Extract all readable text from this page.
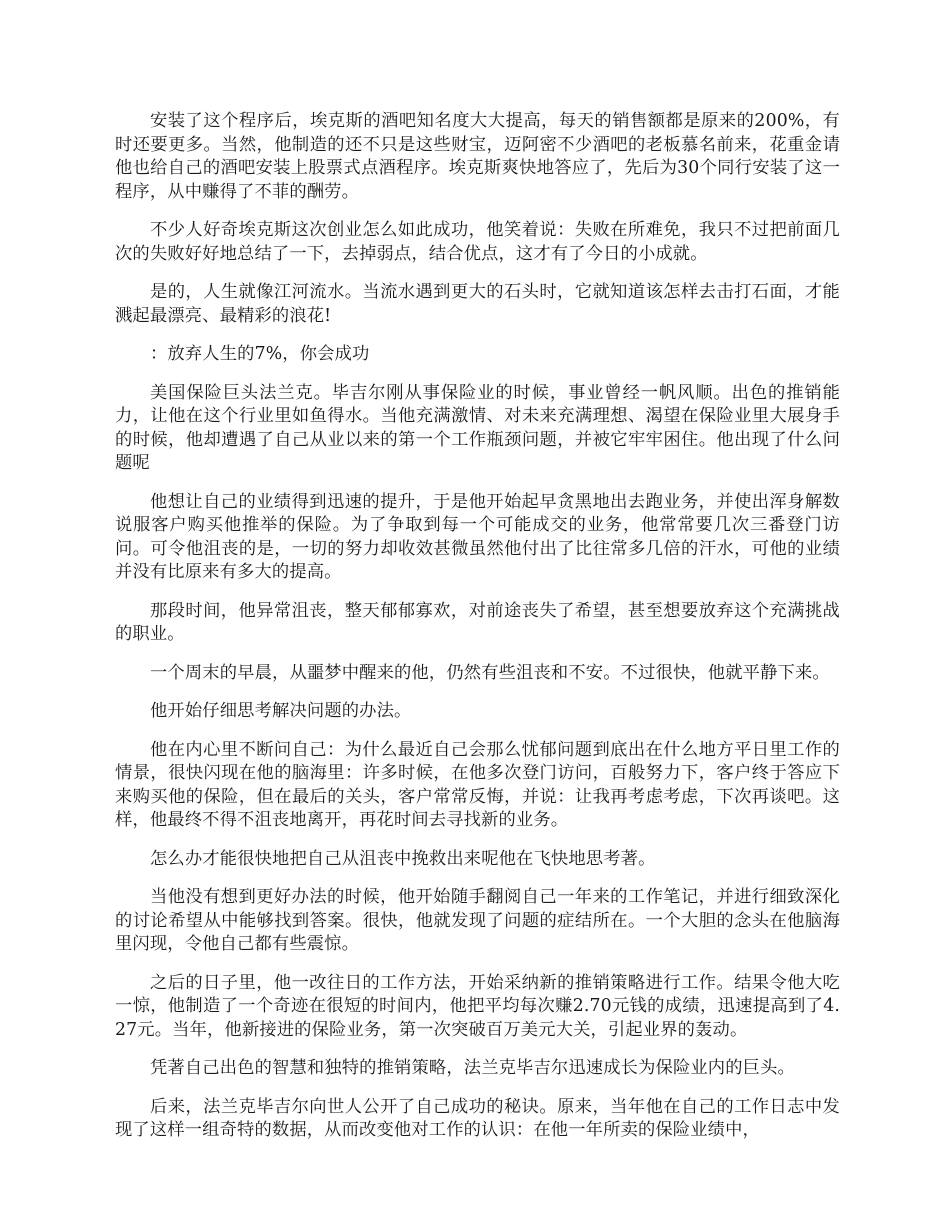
安装了这个程序后，埃克斯的酒吧知名度大大提高，每天的销售额都是原来的200%，有时还要更多。当然，他制造的还不只是这些财宝，迈阿密不少酒吧的老板慕名前来，花重金请他也给自己的酒吧安装上股票式点酒程序。埃克斯爽快地答应了，先后为30个同行安装了这一程序，从中赚得了不菲的酬劳。

不少人好奇埃克斯这次创业怎么如此成功，他笑着说：失败在所难免，我只不过把前面几次的失败好好地总结了一下，去掉弱点，结合优点，这才有了今日的小成就。

是的，人生就像江河流水。当流水遇到更大的石头时，它就知道该怎样去击打石面，才能溅起最漂亮、最精彩的浪花!

：放弃人生的7%，你会成功

美国保险巨头法兰克。毕吉尔刚从事保险业的时候，事业曾经一帆风顺。出色的推销能力，让他在这个行业里如鱼得水。当他充满激情、对未来充满理想、渴望在保险业里大展身手的时候，他却遭遇了自己从业以来的第一个工作瓶颈问题，并被它牢牢困住。他出现了什么问题呢

他想让自己的业绩得到迅速的提升，于是他开始起早贪黑地出去跑业务，并使出浑身解数说服客户购买他推举的保险。为了争取到每一个可能成交的业务，他常常要几次三番登门访问。可令他沮丧的是，一切的努力却收效甚微虽然他付出了比往常多几倍的汗水，可他的业绩并没有比原来有多大的提高。

那段时间，他异常沮丧，整天郁郁寡欢，对前途丧失了希望，甚至想要放弃这个充满挑战的职业。

一个周末的早晨，从噩梦中醒来的他，仍然有些沮丧和不安。不过很快，他就平静下来。

他开始仔细思考解决问题的办法。

他在内心里不断问自己：为什么最近自己会那么忧郁问题到底出在什么地方平日里工作的情景，很快闪现在他的脑海里：许多时候，在他多次登门访问，百般努力下，客户终于答应下来购买他的保险，但在最后的关头，客户常常反悔，并说：让我再考虑考虑，下次再谈吧。这样，他最终不得不沮丧地离开，再花时间去寻找新的业务。

怎么办才能很快地把自己从沮丧中挽救出来呢他在飞快地思考著。

当他没有想到更好办法的时候，他开始随手翻阅自己一年来的工作笔记，并进行细致深化的讨论希望从中能够找到答案。很快，他就发现了问题的症结所在。一个大胆的念头在他脑海里闪现，令他自己都有些震惊。

之后的日子里，他一改往日的工作方法，开始采纳新的推销策略进行工作。结果令他大吃一惊，他制造了一个奇迹在很短的时间内，他把平均每次赚2.70元钱的成绩，迅速提高到了4.27元。当年，他新接进的保险业务，第一次突破百万美元大关，引起业界的轰动。

凭著自己出色的智慧和独特的推销策略，法兰克毕吉尔迅速成长为保险业内的巨头。

后来，法兰克毕吉尔向世人公开了自己成功的秘诀。原来，当年他在自己的工作日志中发现了这样一组奇特的数据，从而改变他对工作的认识：在他一年所卖的保险业绩中，
